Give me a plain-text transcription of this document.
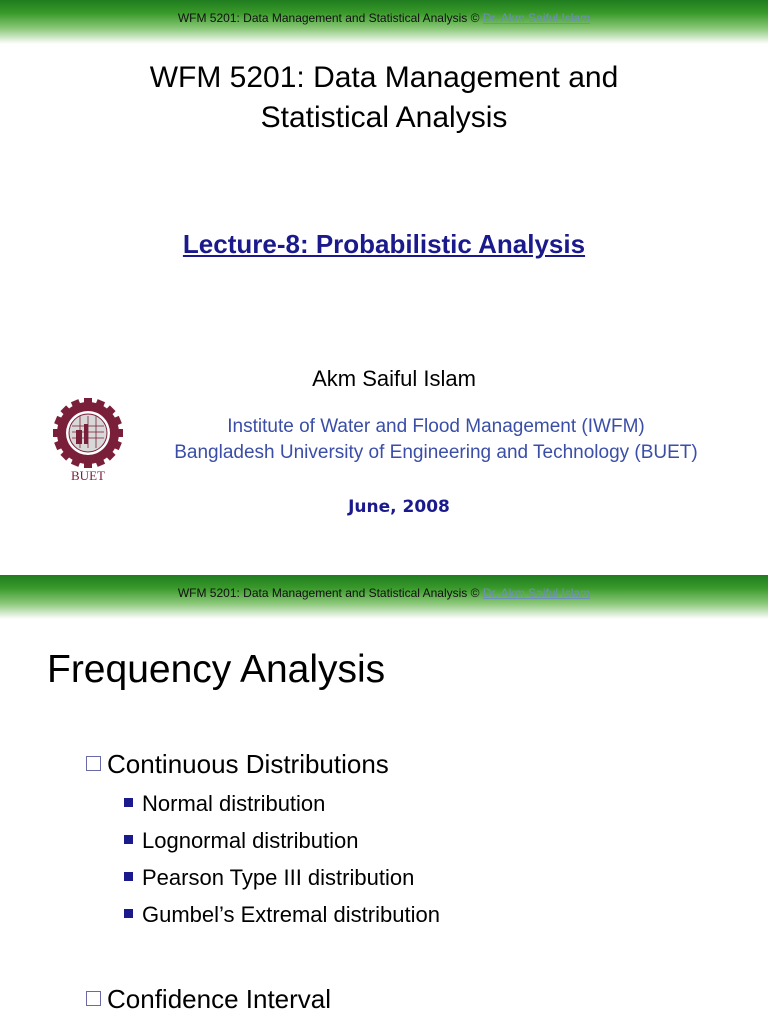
WFM 5201: Data Management and Statistical Analysis © Dr. Akm Saiful Islam
WFM 5201: Data Management and
Statistical Analysis
Lecture-8: Probabilistic Analysis
Akm Saiful Islam
BUET
Institute of Water and Flood Management (IWFM)
Bangladesh University of Engineering and Technology (BUET)
June, 2008
WFM 5201: Data Management and Statistical Analysis © Dr. Akm Saiful Islam
Frequency Analysis
Continuous Distributions
Normal distribution
Lognormal distribution
Pearson Type III distribution
Gumbel’s Extremal distribution
Confidence Interval
